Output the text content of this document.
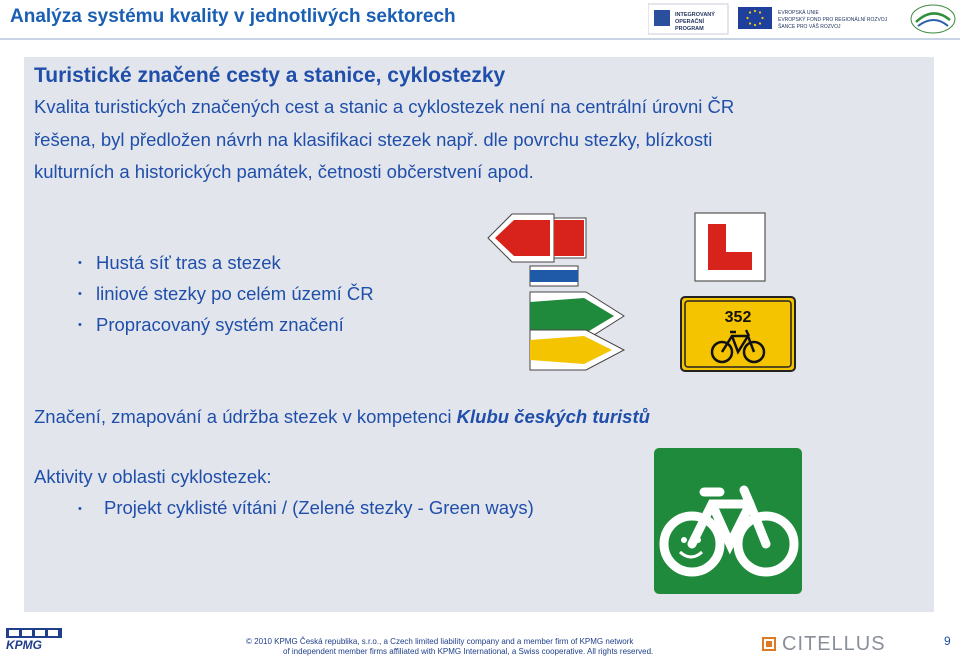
Analýza systému kvality v jednotlivých sektorech	INTEGROVANÝ
OPERAČNÍ
PROGRAM
EVROPSKÁ UNIE
EVROPSKÝ FOND PRO REGIONÁLNÍ ROZVOJ
ŠANCE PRO VÁŠ ROZVOJ
Turistické značené cesty a stanice, cyklostezky
Kvalita turistických značených cest a stanic a cyklostezek není na centrální úrovni ČR
řešena, byl předložen návrh na klasifikaci stezek např. dle povrchu stezky, blízkosti
kulturních a historických památek, četnosti občerstvení apod.
• Hustá síť tras a stezek
• liniové stezky po celém území ČR
• Propracovaný systém značení	352
Značení, zmapování a údržba stezek v kompetenci Klubu českých turistů
Aktivity v oblasti cyklostezek:
• Projekt cyklisté vítáni / (Zelené stezky - Green ways)
KPMG	© 2010 KPMG Česká republika, s.r.o., a Czech limited liability company and a member firm of KPMG network
of independent member firms affiliated with KPMG International, a Swiss cooperative. All rights reserved.	CITELLUS	9
